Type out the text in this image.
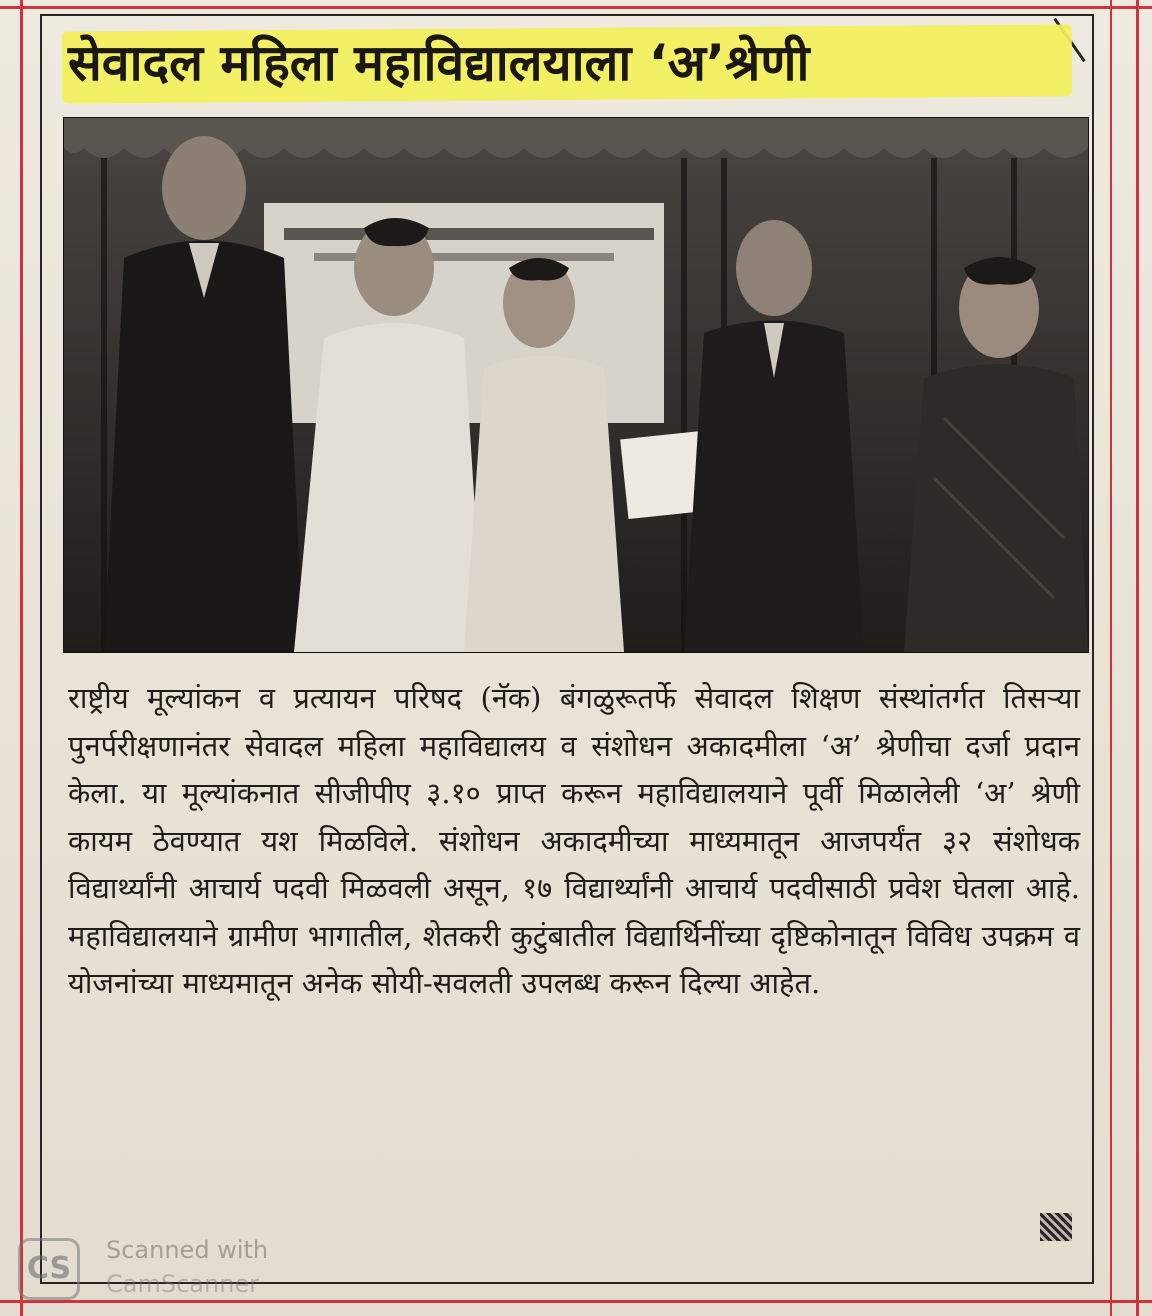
सेवादल महिला महाविद्यालयाला ‘अ’श्रेणी

राष्ट्रीय मूल्यांकन व प्रत्यायन परिषद (नॅक) बंगळुरूतर्फे सेवादल शिक्षण संस्थांतर्गत तिसऱ्या पुनर्परीक्षणानंतर सेवादल महिला महाविद्यालय व संशोधन अकादमीला ‘अ’ श्रेणीचा दर्जा प्रदान केला. या मूल्यांकनात सीजीपीए ३.१० प्राप्त करून महाविद्यालयाने पूर्वी मिळालेली ‘अ’ श्रेणी कायम ठेवण्यात यश मिळविले. संशोधन अकादमीच्या माध्यमातून आजपर्यंत ३२ संशोधक विद्यार्थ्यांनी आचार्य पदवी मिळवली असून, १७ विद्यार्थ्यांनी आचार्य पदवीसाठी प्रवेश घेतला आहे. महाविद्यालयाने ग्रामीण भागातील, शेतकरी कुटुंबातील विद्यार्थिनींच्या दृष्टिकोनातून विविध उपक्रम व योजनांच्या माध्यमातून अनेक सोयी-सवलती उपलब्ध करून दिल्या आहेत.

CS
Scanned with
CamScanner
